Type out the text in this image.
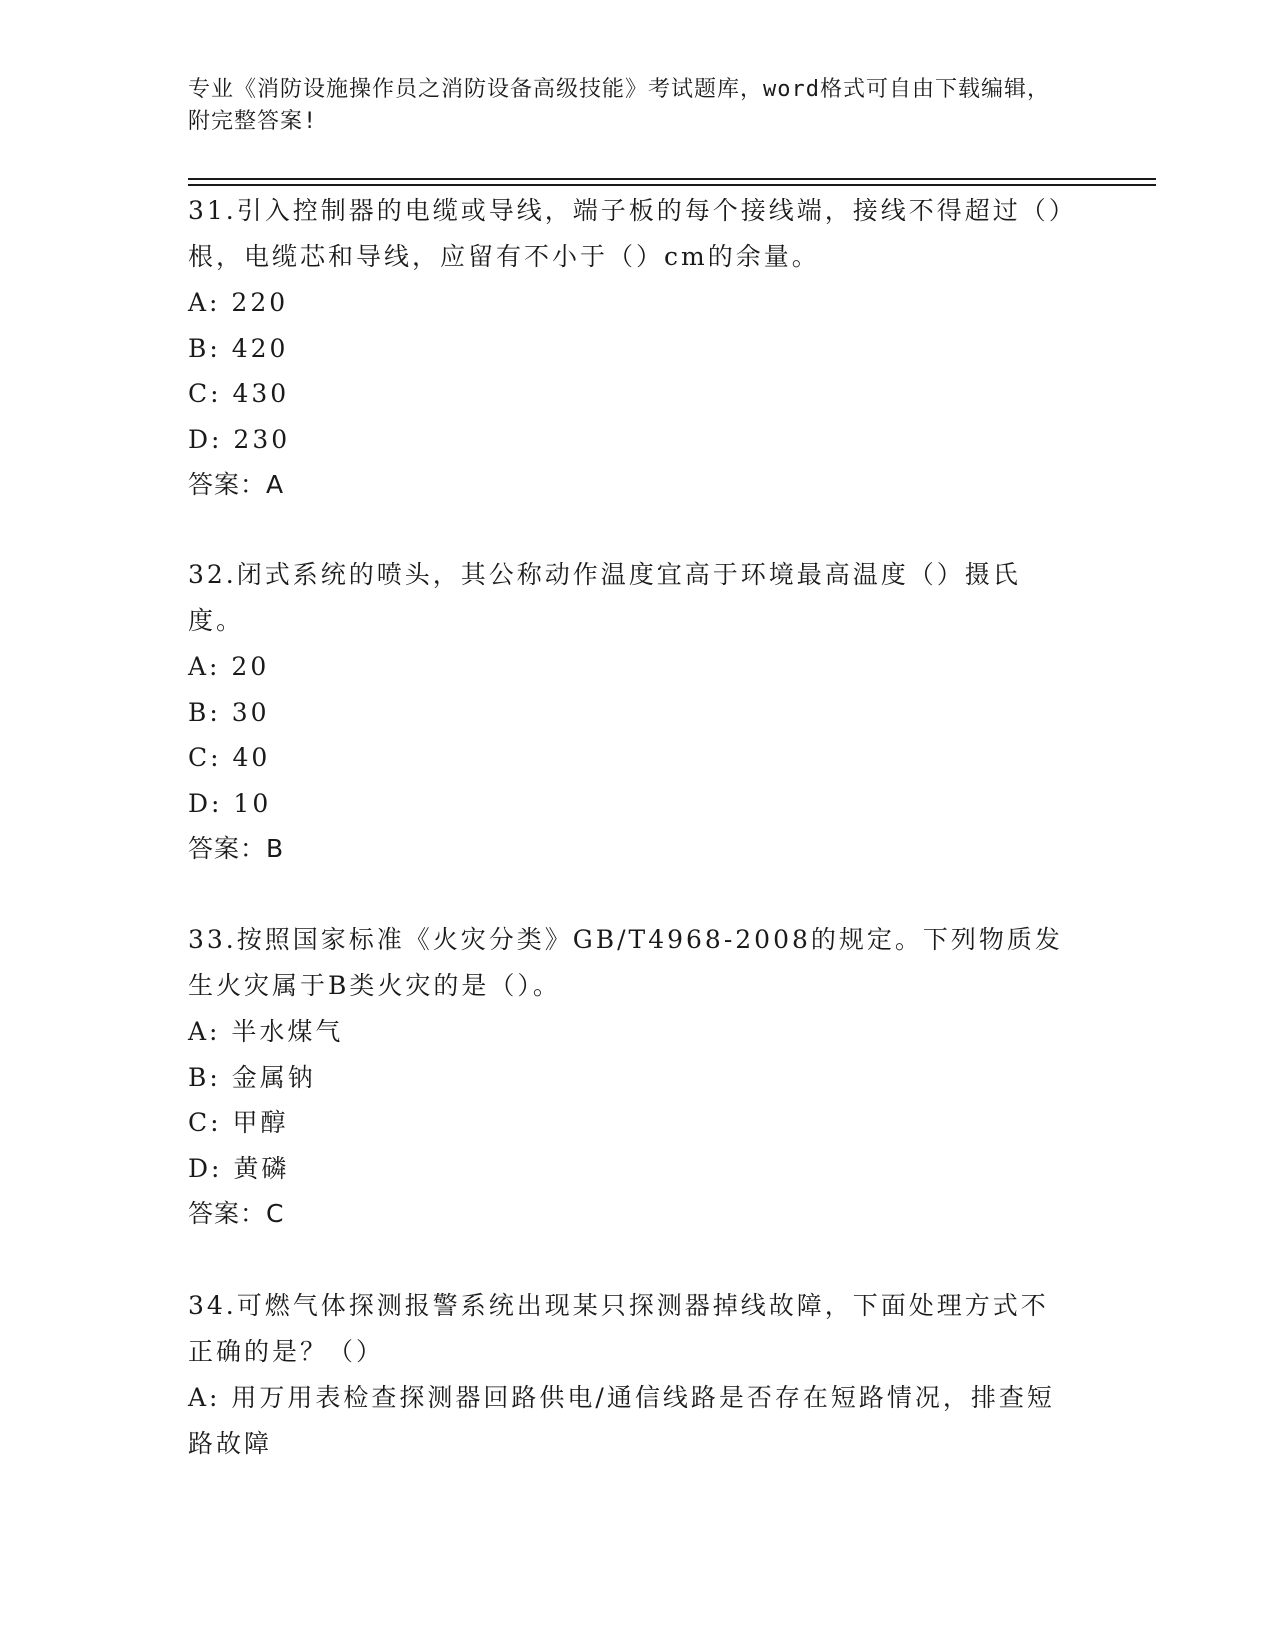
专业《消防设施操作员之消防设备高级技能》考试题库，word格式可自由下载编辑，附完整答案!

31.引入控制器的电缆或导线，端子板的每个接线端，接线不得超过（）根，电缆芯和导线，应留有不小于（）cm的余量。

A: 220

B: 420

C: 430

D: 230

答案：A

32.闭式系统的喷头，其公称动作温度宜高于环境最高温度（）摄氏度。

A: 20

B: 30

C: 40

D: 10

答案：B

33.按照国家标准《火灾分类》GB/T4968-2008的规定。下列物质发生火灾属于B类火灾的是（）。

A: 半水煤气

B: 金属钠

C: 甲醇

D: 黄磷

答案：C

34.可燃气体探测报警系统出现某只探测器掉线故障，下面处理方式不正确的是？（）

A: 用万用表检查探测器回路供电/通信线路是否存在短路情况，排查短路故障
